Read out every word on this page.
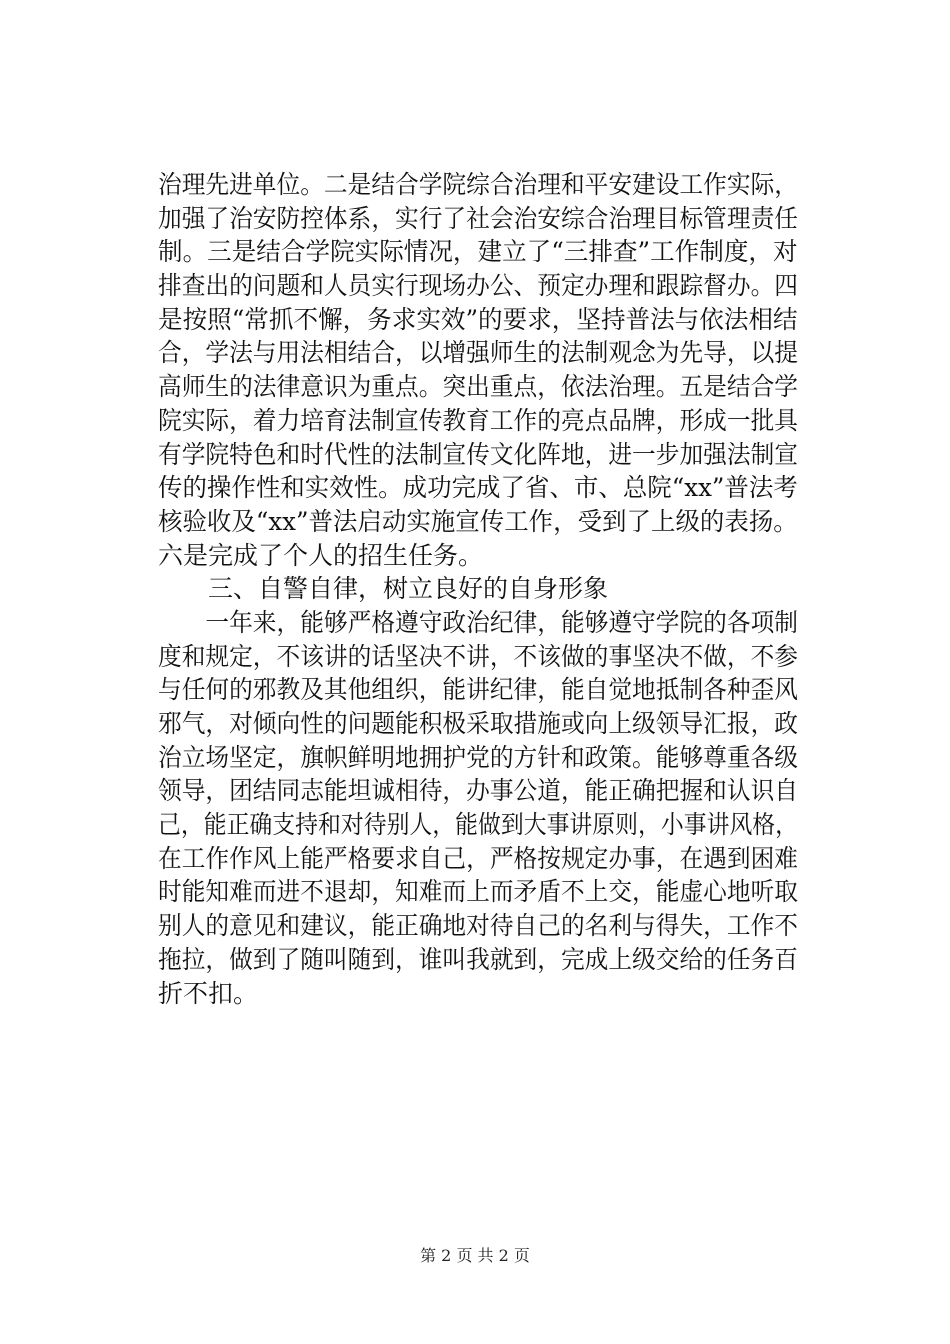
治理先进单位。二是结合学院综合治理和平安建设工作实际，
加强了治安防控体系，实行了社会治安综合治理目标管理责任
制。三是结合学院实际情况，建立了“三排查”工作制度，对
排查出的问题和人员实行现场办公、预定办理和跟踪督办。四
是按照“常抓不懈，务求实效”的要求，坚持普法与依法相结
合，学法与用法相结合，以增强师生的法制观念为先导，以提
高师生的法律意识为重点。突出重点，依法治理。五是结合学
院实际，着力培育法制宣传教育工作的亮点品牌，形成一批具
有学院特色和时代性的法制宣传文化阵地，进一步加强法制宣
传的操作性和实效性。成功完成了省、市、总院“xx”普法考
核验收及“xx”普法启动实施宣传工作，受到了上级的表扬。
六是完成了个人的招生任务。
　　三、自警自律，树立良好的自身形象
　　一年来，能够严格遵守政治纪律，能够遵守学院的各项制
度和规定，不该讲的话坚决不讲，不该做的事坚决不做，不参
与任何的邪教及其他组织，能讲纪律，能自觉地抵制各种歪风
邪气，对倾向性的问题能积极采取措施或向上级领导汇报，政
治立场坚定，旗帜鲜明地拥护党的方针和政策。能够尊重各级
领导，团结同志能坦诚相待，办事公道，能正确把握和认识自
己，能正确支持和对待别人，能做到大事讲原则，小事讲风格，
在工作作风上能严格要求自己，严格按规定办事，在遇到困难
时能知难而进不退却，知难而上而矛盾不上交，能虚心地听取
别人的意见和建议，能正确地对待自己的名利与得失，工作不
拖拉，做到了随叫随到，谁叫我就到，完成上级交给的任务百
折不扣。
第 2 页 共 2 页
